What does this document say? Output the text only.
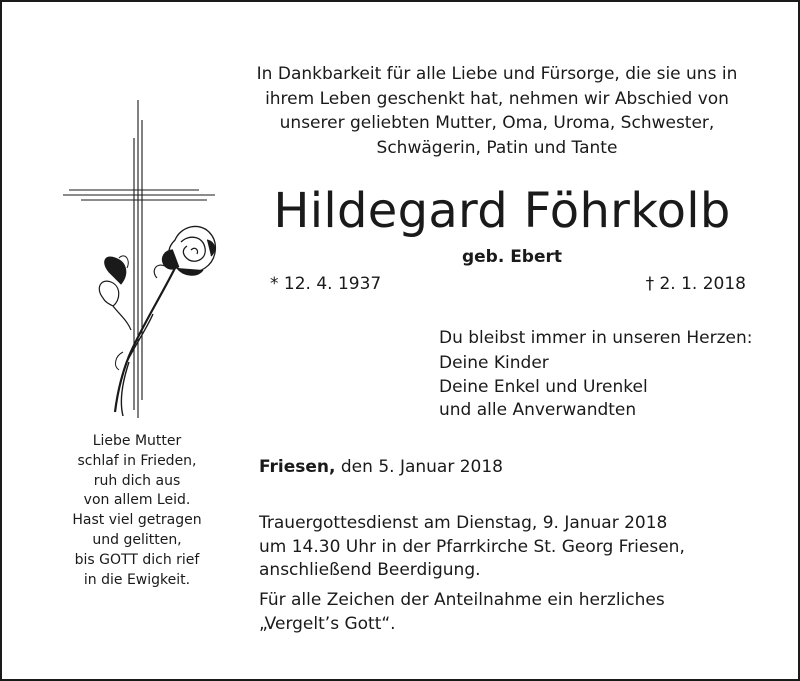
In Dankbarkeit für alle Liebe und Fürsorge, die sie uns in
ihrem Leben geschenkt hat, nehmen wir Abschied von
unserer geliebten Mutter, Oma, Uroma, Schwester,
Schwägerin, Patin und Tante
Hildegard Föhrkolb
geb. Ebert
* 12. 4. 1937	† 2. 1. 2018
Du bleibst immer in unseren Herzen:
Deine Kinder
Deine Enkel und Urenkel
und alle Anverwandten
Liebe Mutter
schlaf in Frieden,
ruh dich aus
von allem Leid.
Hast viel getragen
und gelitten,
bis GOTT dich rief
in die Ewigkeit.
Friesen, den 5. Januar 2018
Trauergottesdienst am Dienstag, 9. Januar 2018
um 14.30 Uhr in der Pfarrkirche St. Georg Friesen,
anschließend Beerdigung.
Für alle Zeichen der Anteilnahme ein herzliches
„Vergelt’s Gott“.
